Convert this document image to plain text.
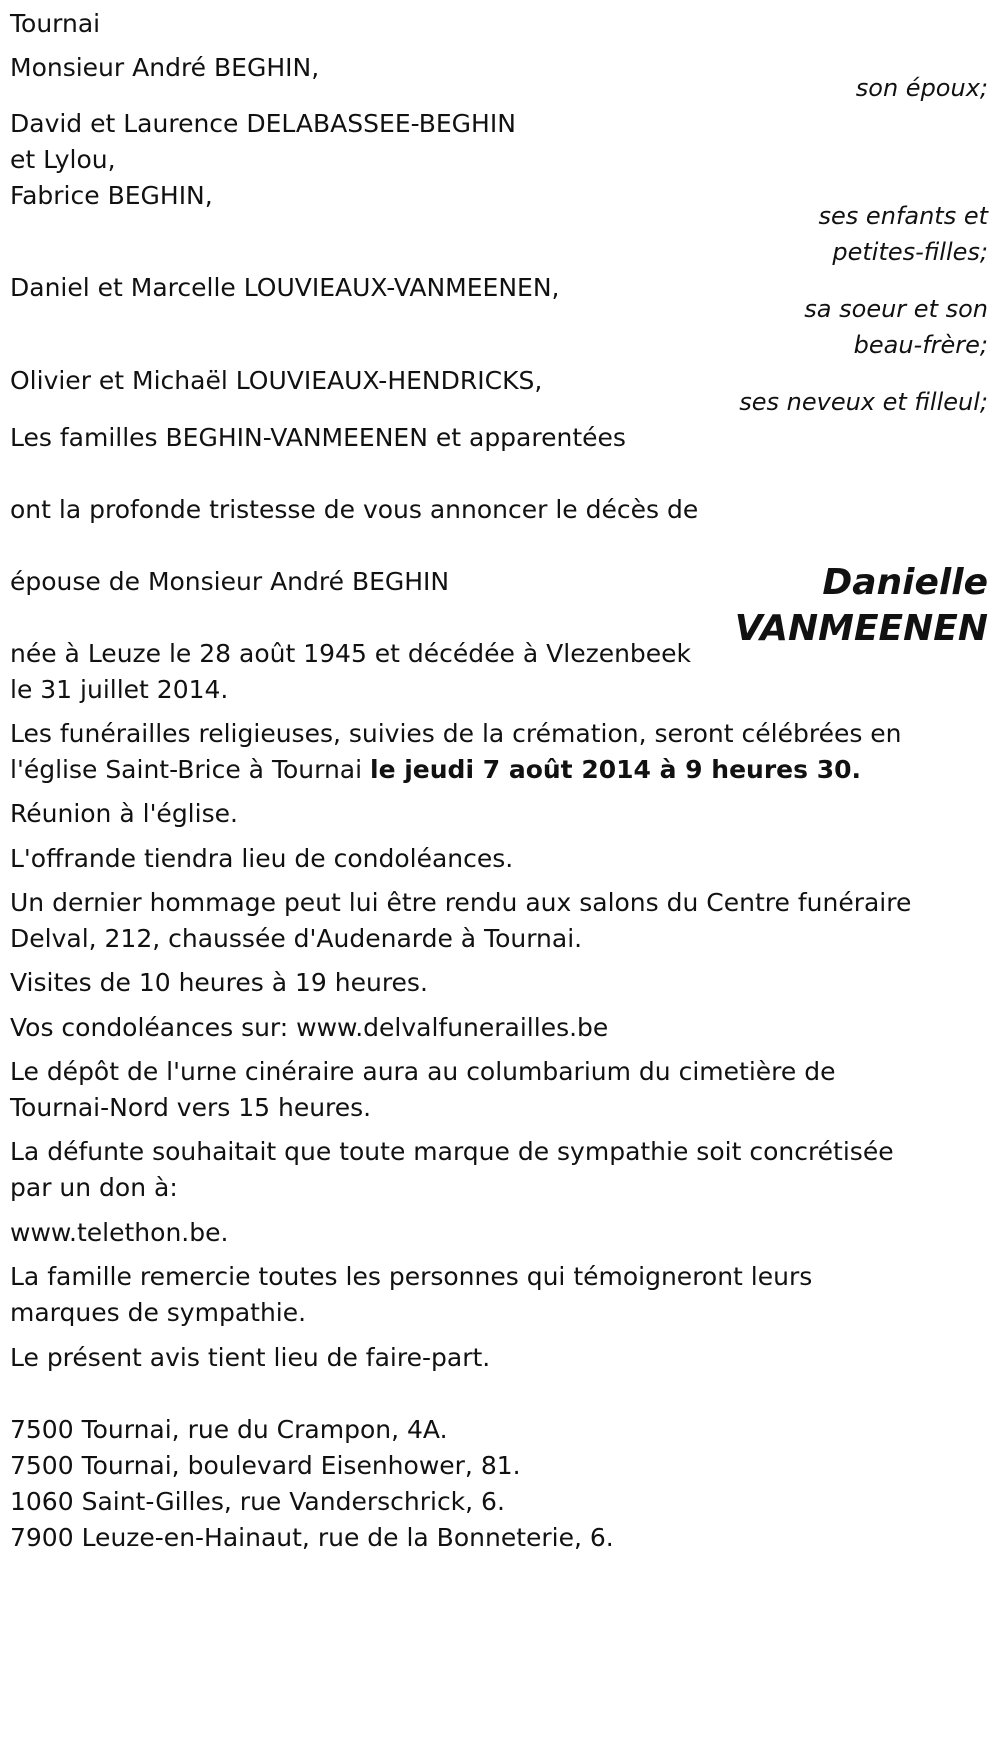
Tournai

Monsieur André BEGHIN,

son époux;

David et Laurence DELABASSEE-BEGHIN

et Lylou,

Fabrice BEGHIN,

ses enfants et

petites-filles;

Daniel et Marcelle LOUVIEAUX-VANMEENEN,

sa soeur et son

beau-frère;

Olivier et Michaël LOUVIEAUX-HENDRICKS,

ses neveux et filleul;

Les familles BEGHIN-VANMEENEN et apparentées

ont la profonde tristesse de vous annoncer le décès de

épouse de Monsieur André BEGHIN	Danielle
VANMEENEN

née à Leuze le 28 août 1945 et décédée à Vlezenbeek

le 31 juillet 2014.

Les funérailles religieuses, suivies de la crémation, seront célébrées en

l'église Saint-Brice à Tournai le jeudi 7 août 2014 à 9 heures 30.

Réunion à l'église.

L'offrande tiendra lieu de condoléances.

Un dernier hommage peut lui être rendu aux salons du Centre funéraire

Delval, 212, chaussée d'Audenarde à Tournai.

Visites de 10 heures à 19 heures.

Vos condoléances sur: www.delvalfunerailles.be

Le dépôt de l'urne cinéraire aura au columbarium du cimetière de

Tournai-Nord vers 15 heures.

La défunte souhaitait que toute marque de sympathie soit concrétisée

par un don à:

www.telethon.be.

La famille remercie toutes les personnes qui témoigneront leurs

marques de sympathie.

Le présent avis tient lieu de faire-part.

7500 Tournai, rue du Crampon, 4A.

7500 Tournai, boulevard Eisenhower, 81.

1060 Saint-Gilles, rue Vanderschrick, 6.

7900 Leuze-en-Hainaut, rue de la Bonneterie, 6.
